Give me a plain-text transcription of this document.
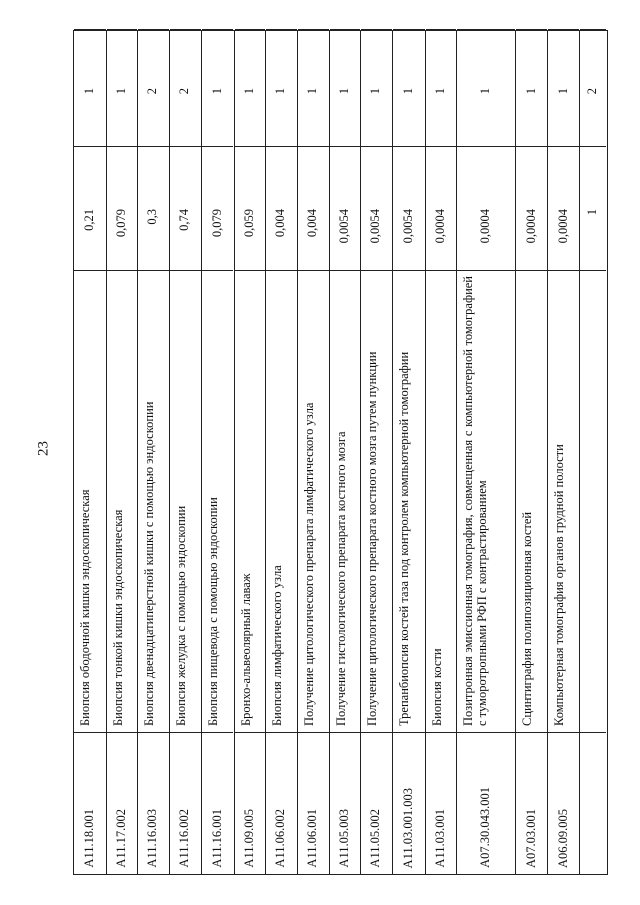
23
A11.18.001
Биопсия ободочной кишки эндоскопическая
0,21
1
A11.17.002
Биопсия тонкой кишки эндоскопическая
0,079
1
A11.16.003
Биопсия двенадцатиперстной кишки с помощью эндоскопии
0,3
2
A11.16.002
Биопсия желудка с помощью эндоскопии
0,74
2
A11.16.001
Биопсия пищевода с помощью эндоскопии
0,079
1
A11.09.005
Бронхо-альвеолярный лаваж
0,059
1
A11.06.002
Биопсия лимфатического узла
0,004
1
A11.06.001
Получение цитологического препарата лимфатического узла
0,004
1
A11.05.003
Получение гистологического препарата костного мозга
0,0054
1
A11.05.002
Получение цитологического препарата костного мозга путем пункции
0,0054
1
A11.03.001.003
Трепанбиопсия костей таза под контролем компьютерной томографии
0,0054
1
A11.03.001
Биопсия кости
0,0004
1
A07.30.043.001
Позитронная эмиссионная томография, совмещенная с компьютерной томографией с туморотропными РФП с контрастированием
0,0004
1
A07.03.001
Сцинтиграфия полипозиционная костей
0,0004
1
A06.09.005
Компьютерная томография органов грудной полости
0,0004
1
1
2
